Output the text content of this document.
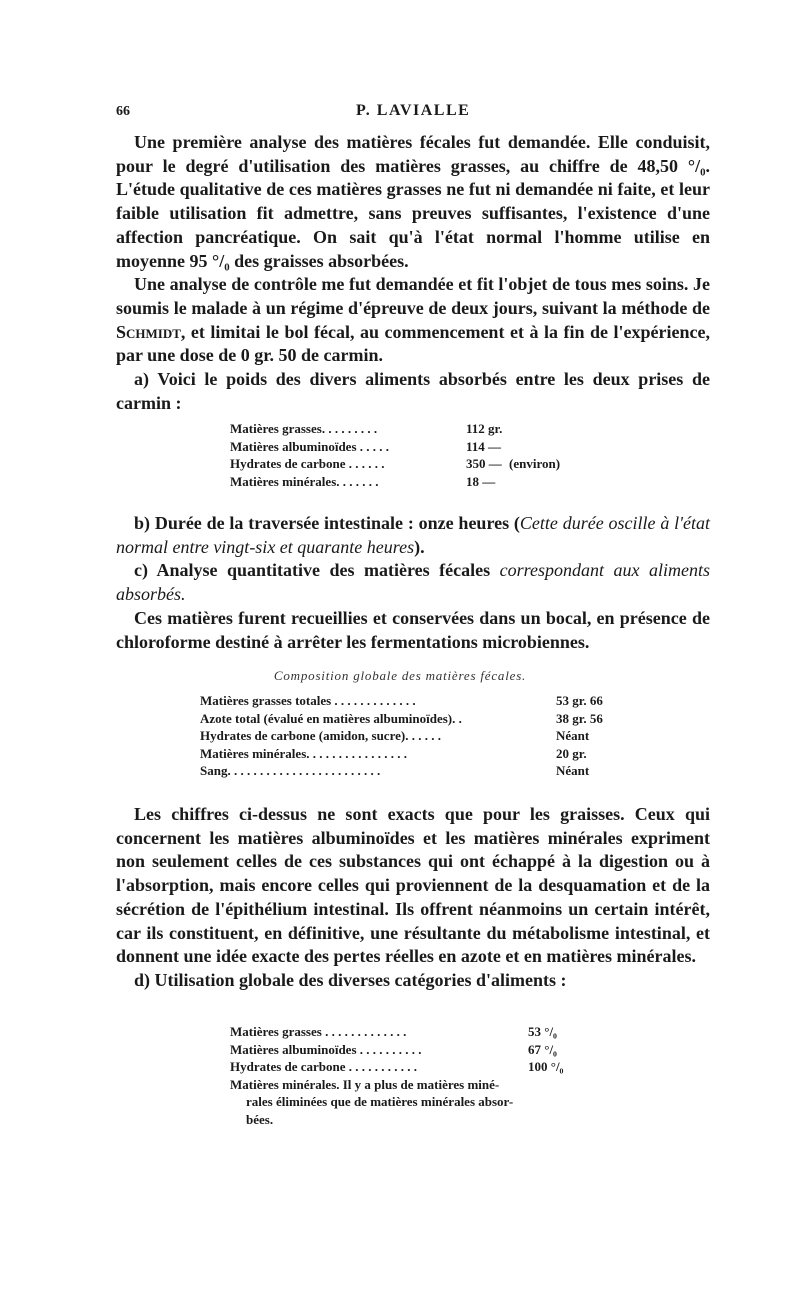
66	P. LAVIALLE

Une première analyse des matières fécales fut demandée. Elle conduisit, pour le degré d'utilisation des matières grasses, au chiffre de 48,50 °/₀. L'étude qualitative de ces matières grasses ne fut ni demandée ni faite, et leur faible utilisation fit admettre, sans preuves suffisantes, l'existence d'une affection pancréatique. On sait qu'à l'état normal l'homme utilise en moyenne 95 °/₀ des graisses absorbées.

Une analyse de contrôle me fut demandée et fit l'objet de tous mes soins. Je soumis le malade à un régime d'épreuve de deux jours, suivant la méthode de Schmidt, et limitai le bol fécal, au commencement et à la fin de l'expérience, par une dose de 0 gr. 50 de carmin.

a) Voici le poids des divers aliments absorbés entre les deux prises de carmin :

Matières grasses. . . . . . . . .	112 gr.
Matières albuminoïdes . . . . .	114 —
Hydrates de carbone . . . . . .	350 — (environ)
Matières minérales. . . . . . .	18 —

b) Durée de la traversée intestinale : onze heures (Cette durée oscille à l'état normal entre vingt-six et quarante heures).

c) Analyse quantitative des matières fécales correspondant aux aliments absorbés.

Ces matières furent recueillies et conservées dans un bocal, en présence de chloroforme destiné à arrêter les fermentations microbiennes.

Composition globale des matières fécales.
Matières grasses totales . . . . . . . . . . . . .	53 gr. 66
Azote total (évalué en matières albuminoïdes). .	38 gr. 56
Hydrates de carbone (amidon, sucre). . . . . .	Néant
Matières minérales. . . . . . . . . . . . . . . .	20 gr.
Sang. . . . . . . . . . . . . . . . . . . . . . . .	Néant

Les chiffres ci-dessus ne sont exacts que pour les graisses. Ceux qui concernent les matières albuminoïdes et les matières minérales expriment non seulement celles de ces substances qui ont échappé à la digestion ou à l'absorption, mais encore celles qui proviennent de la desquamation et de la sécrétion de l'épithélium intestinal. Ils offrent néanmoins un certain intérêt, car ils constituent, en définitive, une résultante du métabolisme intestinal, et donnent une idée exacte des pertes réelles en azote et en matières minérales.

d) Utilisation globale des diverses catégories d'aliments :

Matières grasses . . . . . . . . . . . . .	53 °/₀
Matières albuminoïdes . . . . . . . . . .	67 °/₀
Hydrates de carbone . . . . . . . . . . .	100 °/₀
Matières minérales. Il y a plus de matières miné-
rales éliminées que de matières minérales absor-
bées.
